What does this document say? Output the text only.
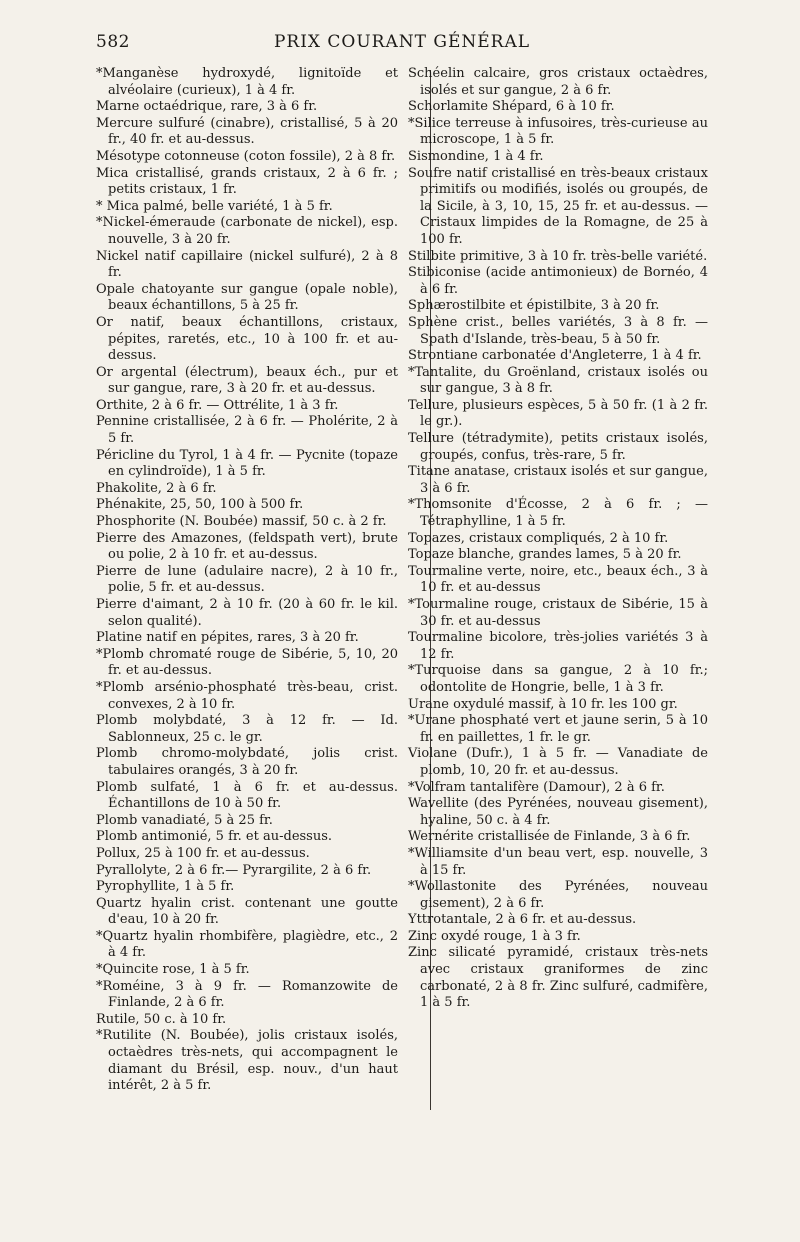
582	PRIX COURANT GÉNÉRAL

*Manganèse hydroxydé, lignitoïde et alvéolaire (curieux), 1 à 4 fr.

Marne octaédrique, rare, 3 à 6 fr.

Mercure sulfuré (cinabre), cristallisé, 5 à 20 fr., 40 fr. et au-dessus.

Mésotype cotonneuse (coton fossile), 2 à 8 fr.

Mica cristallisé, grands cristaux, 2 à 6 fr. ; petits cristaux, 1 fr.

* Mica palmé, belle variété, 1 à 5 fr.

*Nickel-émeraude (carbonate de nickel), esp. nouvelle, 3 à 20 fr.

Nickel natif capillaire (nickel sulfuré), 2 à 8 fr.

Opale chatoyante sur gangue (opale noble), beaux échantillons, 5 à 25 fr.

Or natif, beaux échantillons, cristaux, pépites, raretés, etc., 10 à 100 fr. et au-dessus.

Or argental (électrum), beaux éch., pur et sur gangue, rare, 3 à 20 fr. et au-dessus.

Orthite, 2 à 6 fr. — Ottrélite, 1 à 3 fr.

Pennine cristallisée, 2 à 6 fr. — Pholérite, 2 à 5 fr.

Péricline du Tyrol, 1 à 4 fr. — Pycnite (topaze en cylindroïde), 1 à 5 fr.

Phakolite, 2 à 6 fr.

Phénakite, 25, 50, 100 à 500 fr.

Phosphorite (N. Boubée) massif, 50 c. à 2 fr.

Pierre des Amazones, (feldspath vert), brute ou polie, 2 à 10 fr. et au-dessus.

Pierre de lune (adulaire nacre), 2 à 10 fr., polie, 5 fr. et au-dessus.

Pierre d'aimant, 2 à 10 fr. (20 à 60 fr. le kil. selon qualité).

Platine natif en pépites, rares, 3 à 20 fr.

*Plomb chromaté rouge de Sibérie, 5, 10, 20 fr. et au-dessus.

*Plomb arsénio-phosphaté très-beau, crist. convexes, 2 à 10 fr.

Plomb molybdaté, 3 à 12 fr. — Id. Sablonneux, 25 c. le gr.

Plomb chromo-molybdaté, jolis crist. tabulaires orangés, 3 à 20 fr.

Plomb sulfaté, 1 à 6 fr. et au-dessus. Échantillons de 10 à 50 fr.

Plomb vanadiaté, 5 à 25 fr.

Plomb antimonié, 5 fr. et au-dessus.

Pollux, 25 à 100 fr. et au-dessus.

Pyrallolyte, 2 à 6 fr.— Pyrargilite, 2 à 6 fr.

Pyrophyllite, 1 à 5 fr.

Quartz hyalin crist. contenant une goutte d'eau, 10 à 20 fr.

*Quartz hyalin rhombifère, plagièdre, etc., 2 à 4 fr.

*Quincite rose, 1 à 5 fr.

*Roméine, 3 à 9 fr. — Romanzowite de Finlande, 2 à 6 fr.

Rutile, 50 c. à 10 fr.

*Rutilite (N. Boubée), jolis cristaux isolés, octaèdres très-nets, qui accompagnent le diamant du Brésil, esp. nouv., d'un haut intérêt, 2 à 5 fr.

Schéelin calcaire, gros cristaux octaèdres, isolés et sur gangue, 2 à 6 fr.

Schorlamite Shépard, 6 à 10 fr.

*Silice terreuse à infusoires, très-curieuse au microscope, 1 à 5 fr.

Sismondine, 1 à 4 fr.

Soufre natif cristallisé en très-beaux cristaux primitifs ou modifiés, isolés ou groupés, de la Sicile, à 3, 10, 15, 25 fr. et au-dessus. — Cristaux limpides de la Romagne, de 25 à 100 fr.

Stilbite primitive, 3 à 10 fr. très-belle variété.

Stibiconise (acide antimonieux) de Bornéo, 4 à 6 fr.

Sphærostilbite et épistilbite, 3 à 20 fr.

Sphène crist., belles variétés, 3 à 8 fr. — Spath d'Islande, très-beau, 5 à 50 fr.

Strontiane carbonatée d'Angleterre, 1 à 4 fr.

*Tantalite, du Groënland, cristaux isolés ou sur gangue, 3 à 8 fr.

Tellure, plusieurs espèces, 5 à 50 fr. (1 à 2 fr. le gr.).

Tellure (tétradymite), petits cristaux isolés, groupés, confus, très-rare, 5 fr.

Titane anatase, cristaux isolés et sur gangue, 3 à 6 fr.

*Thomsonite d'Écosse, 2 à 6 fr. ; — Tétraphylline, 1 à 5 fr.

Topazes, cristaux compliqués, 2 à 10 fr.

Topaze blanche, grandes lames, 5 à 20 fr.

Tourmaline verte, noire, etc., beaux éch., 3 à 10 fr. et au-dessus

*Tourmaline rouge, cristaux de Sibérie, 15 à 30 fr. et au-dessus

Tourmaline bicolore, très-jolies variétés 3 à 12 fr.

*Turquoise dans sa gangue, 2 à 10 fr.; odontolite de Hongrie, belle, 1 à 3 fr.

Urane oxydulé massif, à 10 fr. les 100 gr.

*Urane phosphaté vert et jaune serin, 5 à 10 fr. en paillettes, 1 fr. le gr.

Violane (Dufr.), 1 à 5 fr. — Vanadiate de plomb, 10, 20 fr. et au-dessus.

*Volfram tantalifère (Damour), 2 à 6 fr.

Wavellite (des Pyrénées, nouveau gisement), hyaline, 50 c. à 4 fr.

Wernérite cristallisée de Finlande, 3 à 6 fr.

*Williamsite d'un beau vert, esp. nouvelle, 3 à 15 fr.

*Wollastonite des Pyrénées, nouveau gisement), 2 à 6 fr.

Yttrotantale, 2 à 6 fr. et au-dessus.

Zinc oxydé rouge, 1 à 3 fr.

Zinc silicaté pyramidé, cristaux très-nets avec cristaux graniformes de zinc carbonaté, 2 à 8 fr. Zinc sulfuré, cadmifère, 1 à 5 fr.
